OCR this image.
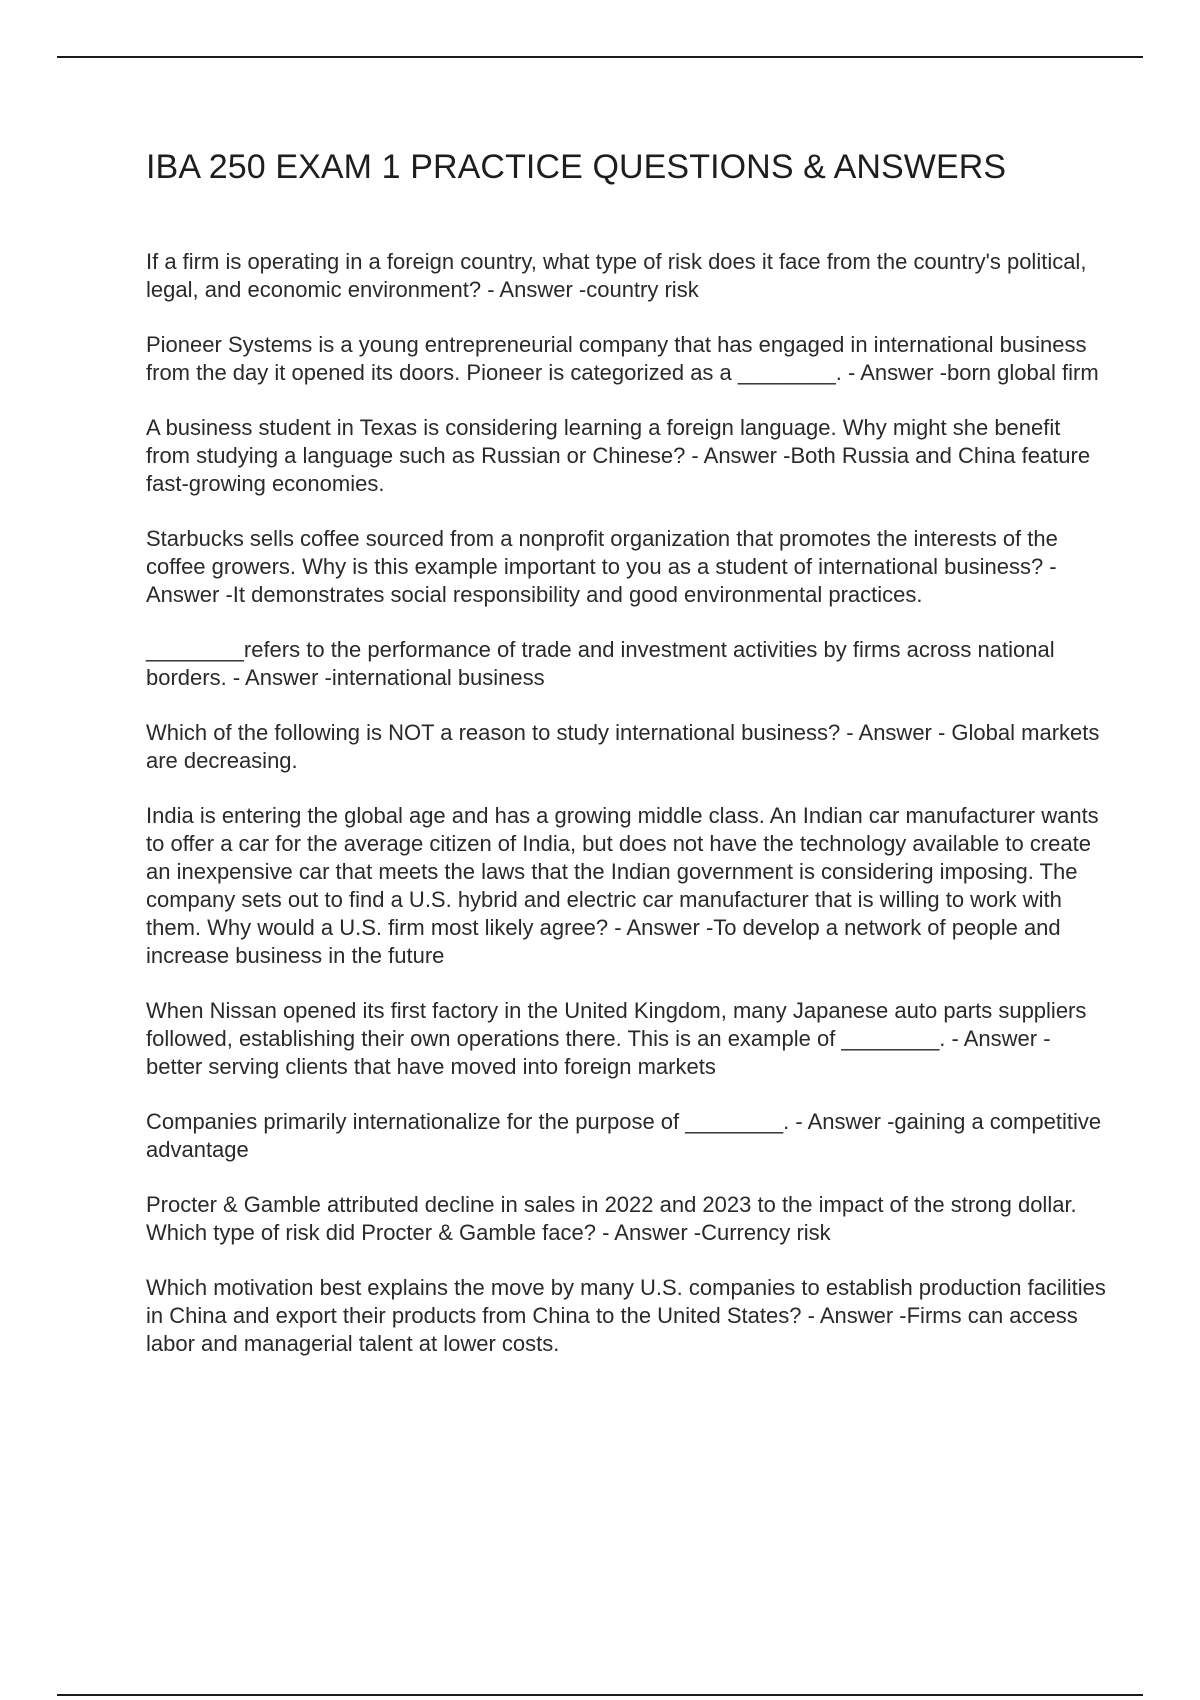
IBA 250 EXAM 1 PRACTICE QUESTIONS & ANSWERS
If a firm is operating in a foreign country, what type of risk does it face from the country's political, legal, and economic environment? - Answer -country risk
Pioneer Systems is a young entrepreneurial company that has engaged in international business from the day it opened its doors. Pioneer is categorized as a ________. - Answer -born global firm
A business student in Texas is considering learning a foreign language. Why might she benefit from studying a language such as Russian or Chinese? - Answer -Both Russia and China feature fast-growing economies.
Starbucks sells coffee sourced from a nonprofit organization that promotes the interests of the coffee growers. Why is this example important to you as a student of international business? - Answer -It demonstrates social responsibility and good environmental practices.
________refers to the performance of trade and investment activities by firms across national borders. - Answer -international business
Which of the following is NOT a reason to study international business? - Answer - Global markets are decreasing.
India is entering the global age and has a growing middle class. An Indian car manufacturer wants to offer a car for the average citizen of India, but does not have the technology available to create an inexpensive car that meets the laws that the Indian government is considering imposing. The company sets out to find a U.S. hybrid and electric car manufacturer that is willing to work with them. Why would a U.S. firm most likely agree? - Answer -To develop a network of people and increase business in the future
When Nissan opened its first factory in the United Kingdom, many Japanese auto parts suppliers followed, establishing their own operations there. This is an example of ________. - Answer -better serving clients that have moved into foreign markets
Companies primarily internationalize for the purpose of ________. - Answer -gaining a competitive advantage
Procter & Gamble attributed decline in sales in 2022 and 2023 to the impact of the strong dollar. Which type of risk did Procter & Gamble face? - Answer -Currency risk
Which motivation best explains the move by many U.S. companies to establish production facilities in China and export their products from China to the United States? - Answer -Firms can access labor and managerial talent at lower costs.
